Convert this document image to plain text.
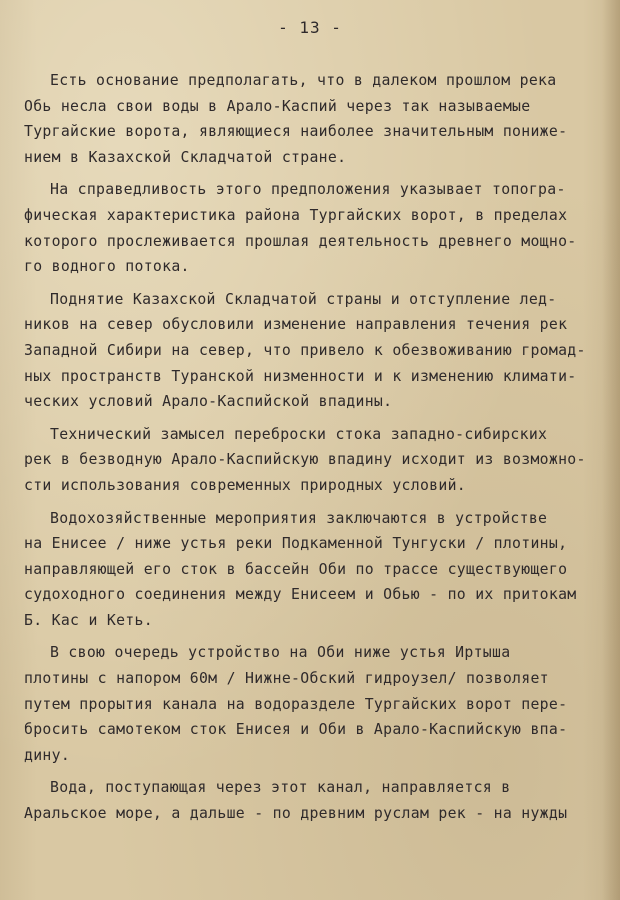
- 13 -
Есть основание предполагать, что в далеком прошлом река
Обь несла свои воды в Арало-Каспий через так называемые
Тургайские ворота, являющиеся наиболее значительным пониже-
нием в Казахской Складчатой стране.
На справедливость этого предположения указывает топогра-
фическая характеристика района Тургайских ворот, в пределах
которого прослеживается прошлая деятельность древнего мощно-
го водного потока.
Поднятие Казахской Складчатой страны и отступление лед-
ников на север обусловили изменение направления течения рек
Западной Сибири на север, что привело к обезвоживанию громад-
ных пространств Туранской низменности и к изменению климати-
ческих условий Арало-Каспийской впадины.
Технический замысел переброски стока западно-сибирских
рек в безводную Арало-Каспийскую впадину исходит из возможно-
сти использования современных природных условий.
Водохозяйственные мероприятия заключаются в устройстве
на Енисее / ниже устья реки Подкаменной Тунгуски / плотины,
направляющей его сток в бассейн Оби по трассе существующего
судоходного соединения между Енисеем и Обью - по их притокам
Б. Кас и Кеть.
В свою очередь устройство на Оби ниже устья Иртыша
плотины с напором 60м / Нижне-Обский гидроузел/ позволяет
путем прорытия канала на водоразделе Тургайских ворот пере-
бросить самотеком сток Енисея и Оби в Арало-Каспийскую впа-
дину.
Вода, поступающая через этот канал, направляется в
Аральское море, а дальше - по древним руслам рек - на нужды
